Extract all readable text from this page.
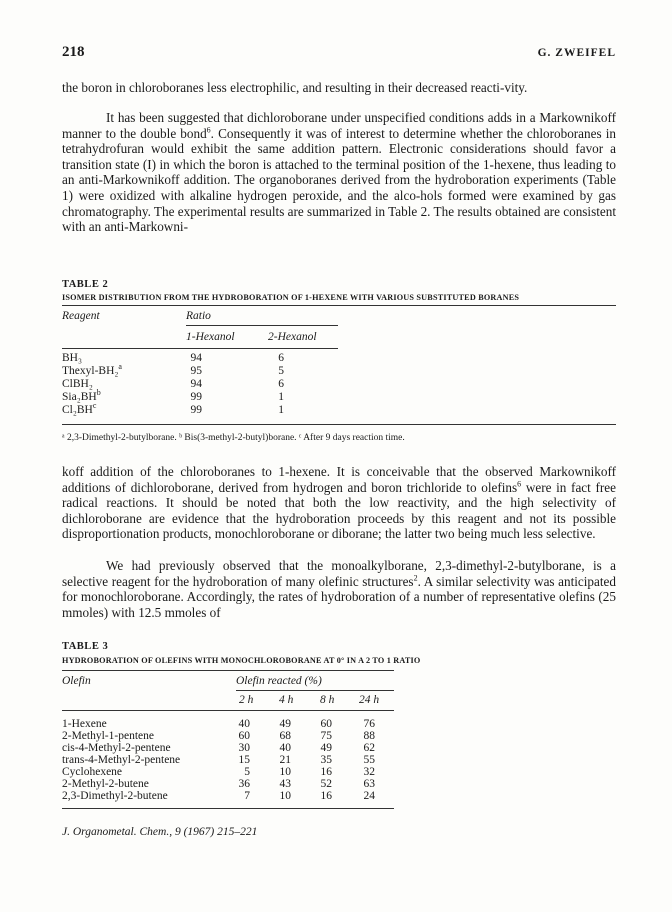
218	G. ZWEIFEL

the boron in chloroboranes less electrophilic, and resulting in their decreased reacti-vity.

It has been suggested that dichloroborane under unspecified conditions adds in a Markownikoff manner to the double bond$^6$. Consequently it was of interest to determine whether the chloroboranes in tetrahydrofuran would exhibit the same addition pattern. Electronic considerations should favor a transition state (I) in which the boron is attached to the terminal position of the 1-hexene, thus leading to an anti-Markownikoff addition. The organoboranes derived from the hydroboration experiments (Table 1) were oxidized with alkaline hydrogen peroxide, and the alco-hols formed were examined by gas chromatography. The experimental results are summarized in Table 2. The results obtained are consistent with an anti-Markowni-

TABLE 2
ISOMER DISTRIBUTION FROM THE HYDROBORATION OF 1-HEXENE WITH VARIOUS SUBSTITUTED BORANES
Reagent	Ratio
1-Hexanol	2-Hexanol
BH₃	94	6
Thexyl-BH₂$^a$	95	5
ClBH₂	94	6
$Sia_2BH^b$	99	1
$Cl_2BH^c$	99	1
ᵃ 2,3-Dimethyl-2-butylborane. ᵇ Bis(3-methyl-2-butyl)borane. ᶜ After 9 days reaction time.

koff addition of the chloroboranes to 1-hexene. It is conceivable that the observed Markownikoff additions of dichloroborane, derived from hydrogen and boron trichloride to olefins$^6$ were in fact free radical reactions. It should be noted that both the low reactivity, and the high selectivity of dichloroborane are evidence that the hydroboration proceeds by this reagent and not its possible disproportionation products, monochloroborane or diborane; the latter two being much less selective.

We had previously observed that the monoalkylborane, 2,3-dimethyl-2-butylborane, is a selective reagent for the hydroboration of many olefinic structures$^2$. A similar selectivity was anticipated for monochloroborane. Accordingly, the rates of hydroboration of a number of representative olefins (25 mmoles) with 12.5 mmoles of

TABLE 3
HYDROBORATION OF OLEFINS WITH MONOCHLOROBORANE AT 0° IN A 2 TO 1 RATIO
Olefin	Olefin reacted (%)
2 h 4 h 8 h 24 h
1-Hexene	40	49	60	76
2-Methyl-1-pentene	60	68	75	88
cis-4-Methyl-2-pentene	30	40	49	62
trans-4-Methyl-2-pentene	15	21	35	55
Cyclohexene	5	10	16	32
2-Methyl-2-butene	36	43	52	63
2,3-Dimethyl-2-butene	7	10	16	24
J. Organometal. Chem., 9 (1967) 215–221
